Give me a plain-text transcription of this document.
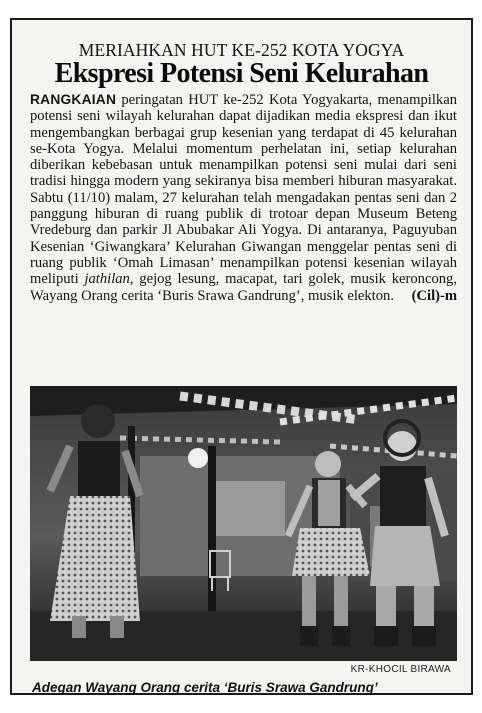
MERIAHKAN HUT KE-252 KOTA YOGYA
Ekspresi Potensi Seni Kelurahan

RANGKAIAN peringatan HUT ke-252 Kota Yogyakarta, menampilkan potensi seni wilayah kelurahan dapat dijadikan media ekspresi dan ikut mengembangkan berbagai grup kesenian yang terdapat di 45 kelurahan se-Kota Yogya. Melalui momentum perhelatan ini, setiap kelurahan diberikan kebebasan untuk menampilkan potensi seni mulai dari seni tradisi hingga modern yang sekiranya bisa memberi hiburan masyarakat. Sabtu (11/10) malam, 27 kelurahan telah mengadakan pentas seni dan 2 panggung hiburan di ruang publik di trotoar depan Museum Beteng Vredeburg dan parkir Jl Abubakar Ali Yogya. Di antaranya, Paguyuban Kesenian ‘Giwangkara’ Kelurahan Giwangan menggelar pentas seni di ruang publik ‘Omah Limasan’ menampilkan potensi kesenian wilayah meliputi jathilan, gejog lesung, macapat, tari golek, musik keroncong, Wayang Orang cerita ‘Buris Srawa Gandrung’, musik elekton. (Cil)-m

KR-KHOCIL BIRAWA
Adegan Wayang Orang cerita ‘Buris Srawa Gandrung’
